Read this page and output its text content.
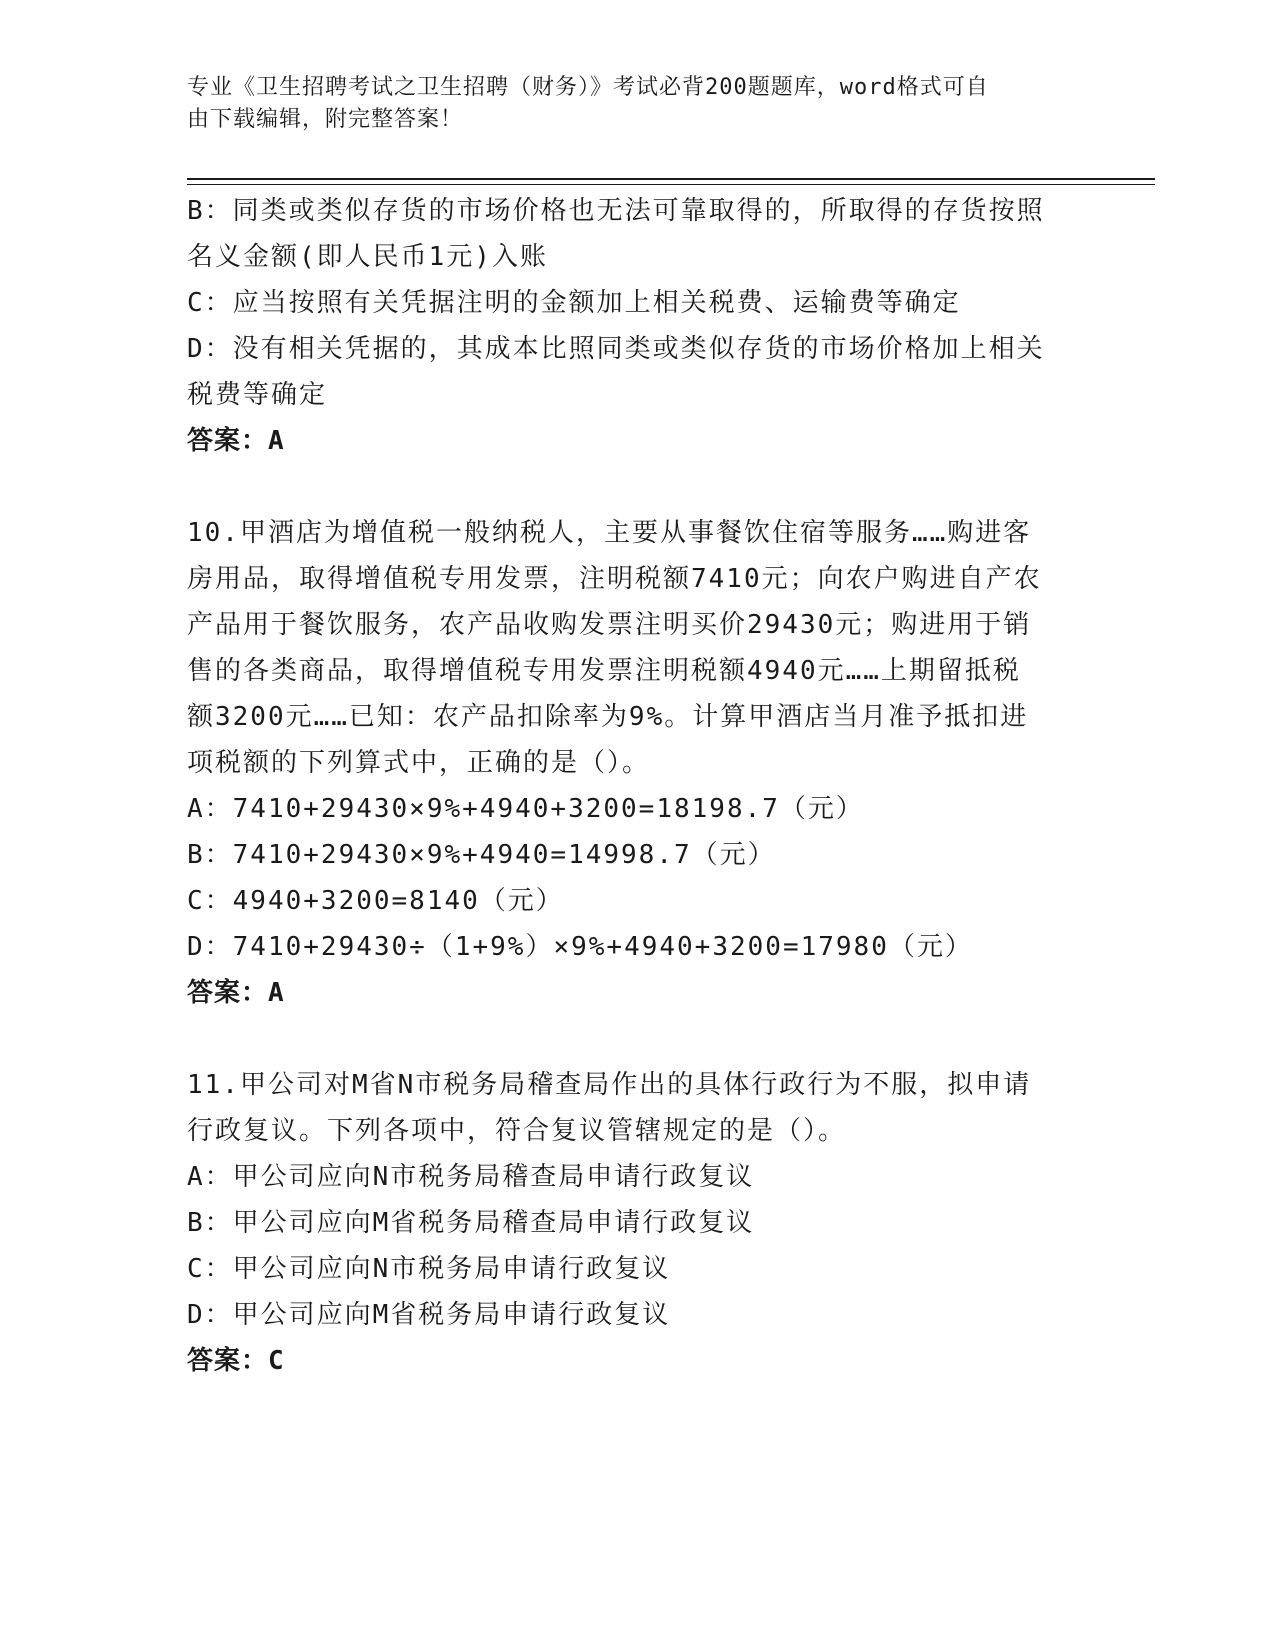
专业《卫生招聘考试之卫生招聘（财务）》考试必背200题题库，word格式可自
由下载编辑，附完整答案！
B：同类或类似存货的市场价格也无法可靠取得的，所取得的存货按照
名义金额(即人民币1元)入账
C：应当按照有关凭据注明的金额加上相关税费、运输费等确定
D：没有相关凭据的，其成本比照同类或类似存货的市场价格加上相关
税费等确定
答案：A
10.甲酒店为增值税一般纳税人，主要从事餐饮住宿等服务……购进客
房用品，取得增值税专用发票，注明税额7410元；向农户购进自产农
产品用于餐饮服务，农产品收购发票注明买价29430元；购进用于销
售的各类商品，取得增值税专用发票注明税额4940元……上期留抵税
额3200元……已知：农产品扣除率为9%。计算甲酒店当月准予抵扣进
项税额的下列算式中，正确的是（）。
A：7410+29430×9%+4940+3200=18198.7（元）
B：7410+29430×9%+4940=14998.7（元）
C：4940+3200=8140（元）
D：7410+29430÷（1+9%）×9%+4940+3200=17980（元）
答案：A
11.甲公司对M省N市税务局稽查局作出的具体行政行为不服，拟申请
行政复议。下列各项中，符合复议管辖规定的是（）。
A：甲公司应向N市税务局稽查局申请行政复议
B：甲公司应向M省税务局稽查局申请行政复议
C：甲公司应向N市税务局申请行政复议
D：甲公司应向M省税务局申请行政复议
答案：C
